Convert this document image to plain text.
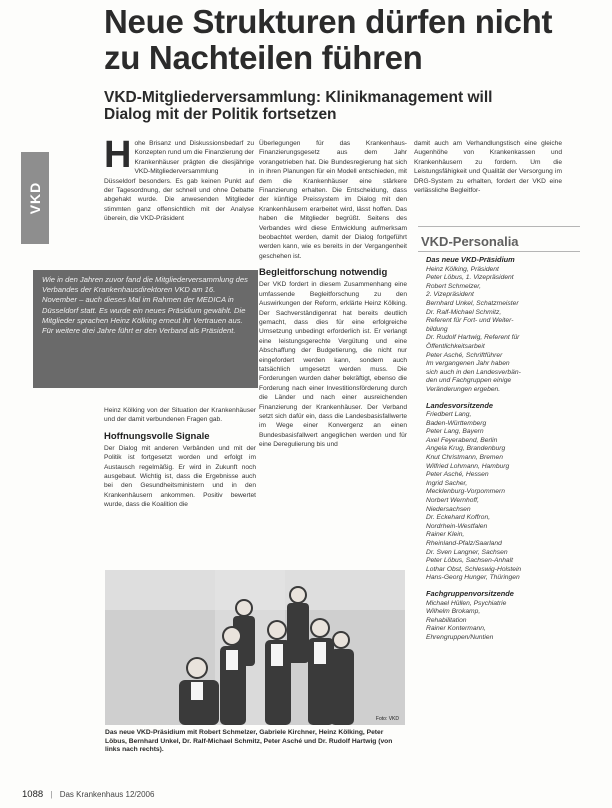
Neue Strukturen dürfen nicht
zu Nachteilen führen
VKD-Mitgliederversammlung: Klinikmanagement will
Dialog mit der Politik fortsetzen
VKD
H ohe Brisanz und Diskussionsbedarf zu Konzepten rund um die Finanzierung der Krankenhäuser prägten die diesjährige VKD-Mitgliederversammlung in Düsseldorf besonders. Es gab keinen Punkt auf der Tagesordnung, der schnell und ohne Debatte abgehakt wurde. Die anwesenden Mitglieder stimmten ganz offensichtlich mit der Analyse überein, die VKD-Präsident

Wie in den Jahren zuvor fand die Mitgliederversammlung des Verbandes der Krankenhausdirektoren VKD am 16. November – auch dieses Mal im Rahmen der MEDICA in Düsseldorf statt. Es wurde ein neues Präsidium gewählt. Die Mitglieder sprachen Heinz Kölking erneut ihr Vertrauen aus. Für weitere drei Jahre führt er den Verband als Präsident.

Heinz Kölking von der Situation der Krankenhäuser und der damit verbundenen Fragen gab.

Hoffnungsvolle Signale

Der Dialog mit anderen Verbänden und mit der Politik ist fortgesetzt worden und erfolgt im Austausch regelmäßig. Er wird in Zukunft noch ausgebaut. Wichtig ist, dass die Ergebnisse auch bei den Gesundheitsministern und in den Krankenhäusern ankommen. Positiv bewertet wurde, dass die Koalition die

Überlegungen für das Krankenhaus-Finanzierungsgesetz aus dem Jahr vorangetrieben hat. Die Bundesregierung hat sich in ihren Planungen für ein Modell entschieden, mit dem die Krankenhäuser eine stärkere Finanzierung erhalten. Die Entscheidung, dass der künftige Preissystem im Dialog mit den Krankenhäusern erarbeitet wird, lässt hoffen. Das haben die Mitglieder begrüßt. Seitens des Verbandes wird diese Entwicklung aufmerksam beobachtet werden, damit der Dialog fortgeführt werden kann, wie es bereits in der Vergangenheit geschehen ist.

Begleitforschung notwendig

Der VKD fordert in diesem Zusammenhang eine umfassende Begleitforschung zu den Auswirkungen der Reform, erklärte Heinz Kölking. Der Sachverständigenrat hat bereits deutlich gemacht, dass dies für eine erfolgreiche Umsetzung unbedingt erforderlich ist. Er verlangt eine leistungsgerechte Vergütung und eine Abschaffung der Budgetierung, die nicht nur eingefordert werden kann, sondern auch tatsächlich umgesetzt werden muss. Die Forderungen wurden daher bekräftigt, ebenso die Forderung nach einer Investitionsförderung durch die Länder und nach einer ausreichenden Finanzierung der Krankenhäuser. Der Verband setzt sich dafür ein, dass die Landesbasisfallwerte im Wege einer Konvergenz an einen Bundesbasisfallwert angeglichen werden und für eine Deregulierung bis und

damit auch am Verhandlungstisch eine gleiche Augenhöhe von Krankenkassen und Krankenhäusern zu fordern. Um die Leistungsfähigkeit und Qualität der Versorgung im DRG-System zu erhalten, fordert der VKD eine verlässliche Begleitfor-

VKD-Personalia
Das neue VKD-Präsidium
Heinz Kölking, Präsident
Peter Löbus, 1. Vizepräsident
Robert Schmelzer,
2. Vizepräsident
Bernhard Unkel, Schatzmeister
Dr. Ralf-Michael Schmitz,
Referent für Fort- und Weiter-
bildung
Dr. Rudolf Hartwig, Referent für
Öffentlichkeitsarbeit
Peter Asché, Schriftführer
Im vergangenen Jahr haben
sich auch in den Landesverbän-
den und Fachgruppen einige
Veränderungen ergeben.
Landesvorsitzende
Friedbert Lang,
Baden-Württemberg
Peter Lang, Bayern
Axel Feyerabend, Berlin
Angela Krug, Brandenburg
Knut Christmann, Bremen
Wilfried Lohmann, Hamburg
Peter Asché, Hessen
Ingrid Sacher,
Mecklenburg-Vorpommern
Norbert Wernhoff,
Niedersachsen
Dr. Eckehard Koffron,
Nordrhein-Westfalen
Rainer Klein,
Rheinland-Pfalz/Saarland
Dr. Sven Langner, Sachsen
Peter Löbus, Sachsen-Anhalt
Lothar Obst, Schleswig-Holstein
Hans-Georg Hunger, Thüringen
Fachgruppenvorsitzende
Michael Hüllen, Psychiatrie
Wilhelm Brokamp,
Rehabilitation
Rainer Kontermann,
Ehrengruppen/Nuntien
Foto: VKD
Das neue VKD-Präsidium mit Robert Schmelzer, Gabriele Kirchner, Heinz Kölking, Peter Löbus, Bernhard Unkel, Dr. Ralf-Michael Schmitz, Peter Asché und Dr. Rudolf Hartwig (von links nach rechts).
1088 | Das Krankenhaus 12/2006
